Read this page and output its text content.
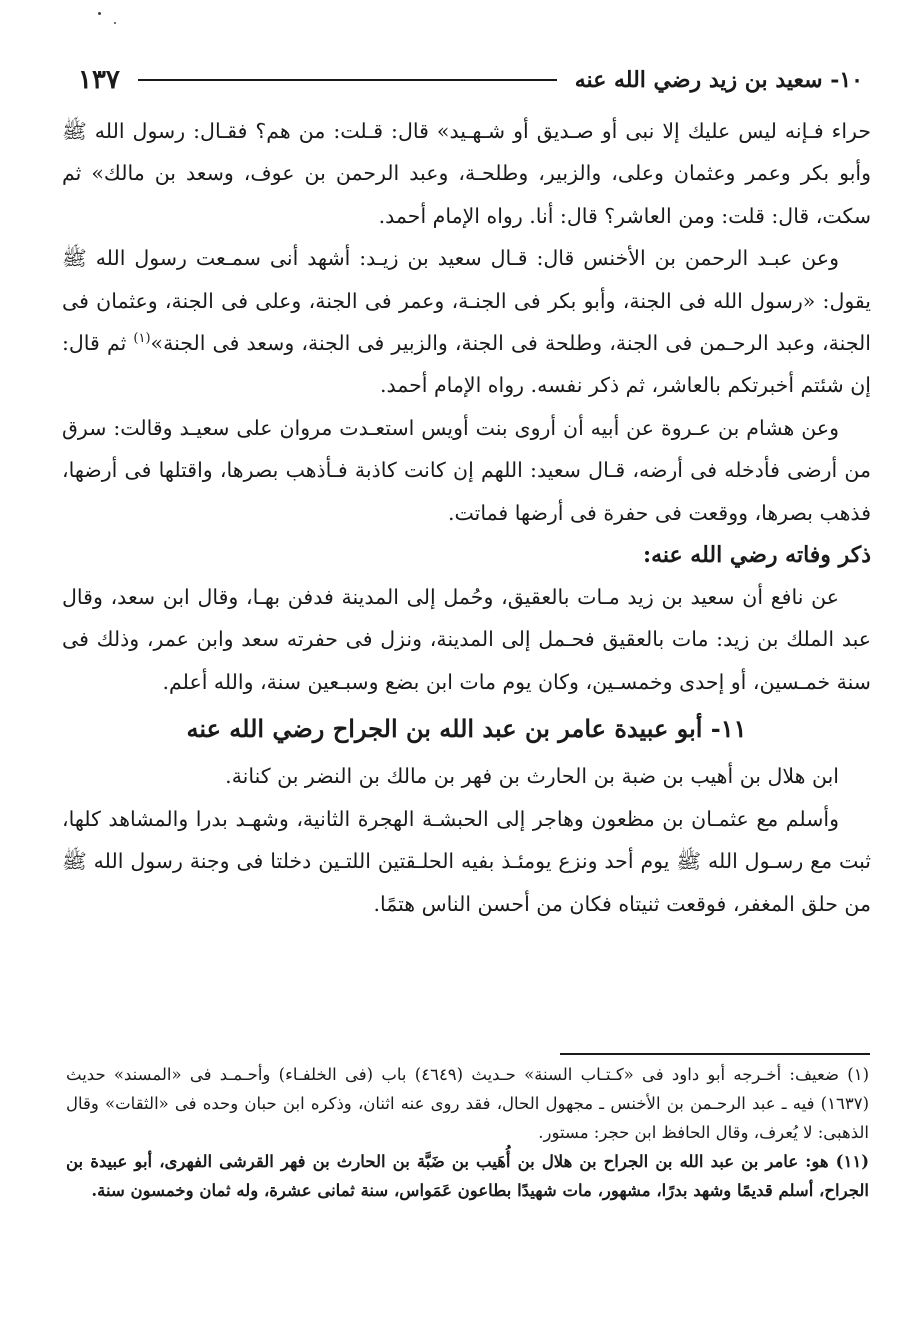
١٠- سعيد بن زيد رضي الله عنه
١٣٧

حراء فـإنه ليس عليك إلا نبى أو صـديق أو شـهـيد» قال: قـلت: من هم؟ فقـال: رسول الله ﷺ وأبو بكر وعمر وعثمان وعلى، والزبير، وطلحـة، وعبد الرحمن بن عوف، وسعد بن مالك» ثم سكت، قال: قلت: ومن العاشر؟ قال: أنا. رواه الإمام أحمد.

وعن عبـد الرحمن بن الأخنس قال: قـال سعيد بن زيـد: أشهد أنى سمـعت رسول الله ﷺ يقول: «رسول الله فى الجنة، وأبو بكر فى الجنـة، وعمر فى الجنة، وعلى فى الجنة، وعثمان فى الجنة، وعبد الرحـمن فى الجنة، وطلحة فى الجنة، والزبير فى الجنة، وسعد فى الجنة»$^{(١)}$ ثم قال: إن شئتم أخبرتكم بالعاشر، ثم ذكر نفسه. رواه الإمام أحمد.

وعن هشام بن عـروة عن أبيه أن أروى بنت أويس استعـدت مروان على سعيـد وقالت: سرق من أرضى فأدخله فى أرضه، قـال سعيد: اللهم إن كانت كاذبة فـأذهب بصرها، واقتلها فى أرضها، فذهب بصرها، ووقعت فى حفرة فى أرضها فماتت.

ذكر وفاته رضي الله عنه:

عن نافع أن سعيد بن زيد مـات بالعقيق، وحُمل إلى المدينة فدفن بهـا، وقال ابن سعد، وقال عبد الملك بن زيد: مات بالعقيق فحـمل إلى المدينة، ونزل فى حفرته سعد وابن عمر، وذلك فى سنة خمـسين، أو إحدى وخمسـين، وكان يوم مات ابن بضع وسبـعين سنة، والله أعلم.

١١- أبو عبيدة عامر بن عبد الله بن الجراح رضي الله عنه

ابن هلال بن أهيب بن ضبة بن الحارث بن فهر بن مالك بن النضر بن كنانة.

وأسلم مع عثمـان بن مظعون وهاجر إلى الحبشـة الهجرة الثانية، وشهـد بدرا والمشاهد كلها، ثبت مع رسـول الله ﷺ يوم أحد ونزع يومئـذ بفيه الحلـقتين اللتـين دخلتا فى وجنة رسول الله ﷺ من حلق المغفر، فوقعت ثنيتاه فكان من أحسن الناس هتمًا.

(١) ضعيف: أخـرجه أبو داود فى «كـتـاب السنة» حـديث (٤٦٤٩) باب (فى الخلفـاء) وأحـمـد فى «المسند» حديث (١٦٣٧) فيه ـ عبد الرحـمن بن الأخنس ـ مجهول الحال، فقد روى عنه اثنان، وذكره ابن حبان وحده فى «الثقات» وقال الذهبى: لا يُعرف، وقال الحافظ ابن حجر: مستور.

(١١) هو: عامر بن عبد الله بن الجراح بن هلال بن أُهَيب بن ضَبَّة بن الحارث بن فهر القرشى الفهرى، أبو عبيدة بن الجراح، أسلم قديمًا وشهد بدرًا، مشهور، مات شهيدًا بطاعون عَمَواس، سنة ثمانى عشرة، وله ثمان وخمسون سنة.
